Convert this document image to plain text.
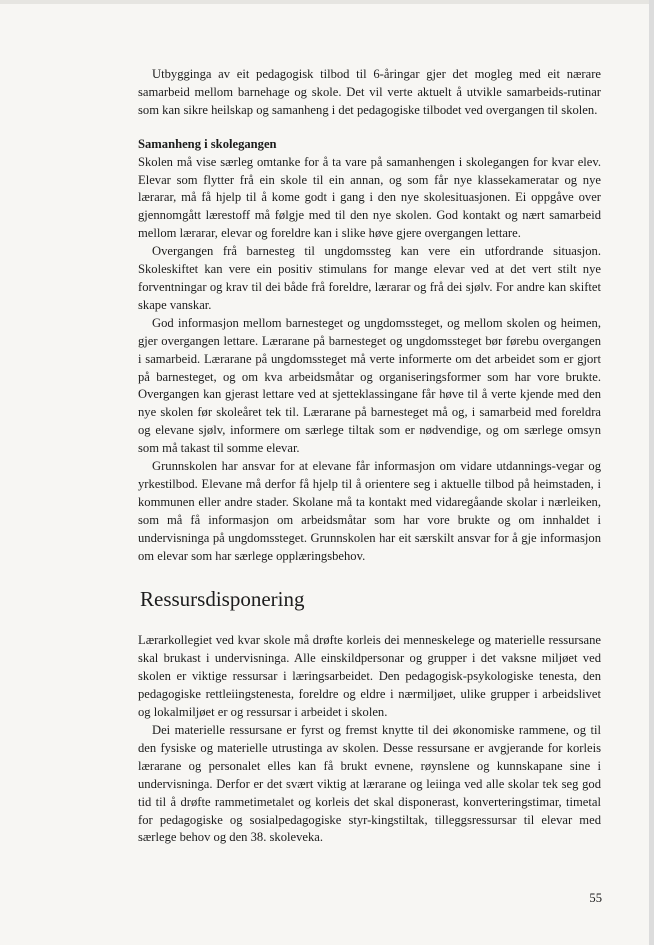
Utbygginga av eit pedagogisk tilbod til 6-åringar gjer det mogleg med eit nærare samarbeid mellom barnehage og skole. Det vil verte aktuelt å utvikle samarbeids-rutinar som kan sikre heilskap og samanheng i det pedagogiske tilbodet ved overgangen til skolen.

Samanheng i skolegangen

Skolen må vise særleg omtanke for å ta vare på samanhengen i skolegangen for kvar elev. Elevar som flytter frå ein skole til ein annan, og som får nye klassekameratar og nye lærarar, må få hjelp til å kome godt i gang i den nye skolesituasjonen. Ei oppgåve over gjennomgått lærestoff må følgje med til den nye skolen. God kontakt og nært samarbeid mellom lærarar, elevar og foreldre kan i slike høve gjere overgangen lettare.

Overgangen frå barnesteg til ungdomssteg kan vere ein utfordrande situasjon. Skoleskiftet kan vere ein positiv stimulans for mange elevar ved at det vert stilt nye forventningar og krav til dei både frå foreldre, lærarar og frå dei sjølv. For andre kan skiftet skape vanskar.

God informasjon mellom barnesteget og ungdomssteget, og mellom skolen og heimen, gjer overgangen lettare. Lærarane på barnesteget og ungdomssteget bør førebu overgangen i samarbeid. Lærarane på ungdomssteget må verte informerte om det arbeidet som er gjort på barnesteget, og om kva arbeidsmåtar og organiseringsformer som har vore brukte. Overgangen kan gjerast lettare ved at sjetteklassingane får høve til å verte kjende med den nye skolen før skoleåret tek til. Lærarane på barnesteget må og, i samarbeid med foreldra og elevane sjølv, informere om særlege tiltak som er nødvendige, og om særlege omsyn som må takast til somme elevar.

Grunnskolen har ansvar for at elevane får informasjon om vidare utdannings-vegar og yrkestilbod. Elevane må derfor få hjelp til å orientere seg i aktuelle tilbod på heimstaden, i kommunen eller andre stader. Skolane må ta kontakt med vidaregåande skolar i nærleiken, som må få informasjon om arbeidsmåtar som har vore brukte og om innhaldet i undervisninga på ungdomssteget. Grunnskolen har eit særskilt ansvar for å gje informasjon om elevar som har særlege opplæringsbehov.

Ressursdisponering

Lærarkollegiet ved kvar skole må drøfte korleis dei menneskelege og materielle ressursane skal brukast i undervisninga. Alle einskildpersonar og grupper i det vaksne miljøet ved skolen er viktige ressursar i læringsarbeidet. Den pedagogisk-psykologiske tenesta, den pedagogiske rettleiingstenesta, foreldre og eldre i nærmiljøet, ulike grupper i arbeidslivet og lokalmiljøet er og ressursar i arbeidet i skolen.

Dei materielle ressursane er fyrst og fremst knytte til dei økonomiske rammene, og til den fysiske og materielle utrustinga av skolen. Desse ressursane er avgjerande for korleis lærarane og personalet elles kan få brukt evnene, røynslene og kunnskapane sine i undervisninga. Derfor er det svært viktig at lærarane og leiinga ved alle skolar tek seg god tid til å drøfte rammetimetalet og korleis det skal disponerast, konverteringstimar, timetal for pedagogiske og sosialpedagogiske styr-kingstiltak, tilleggsressursar til elevar med særlege behov og den 38. skoleveka.

55
